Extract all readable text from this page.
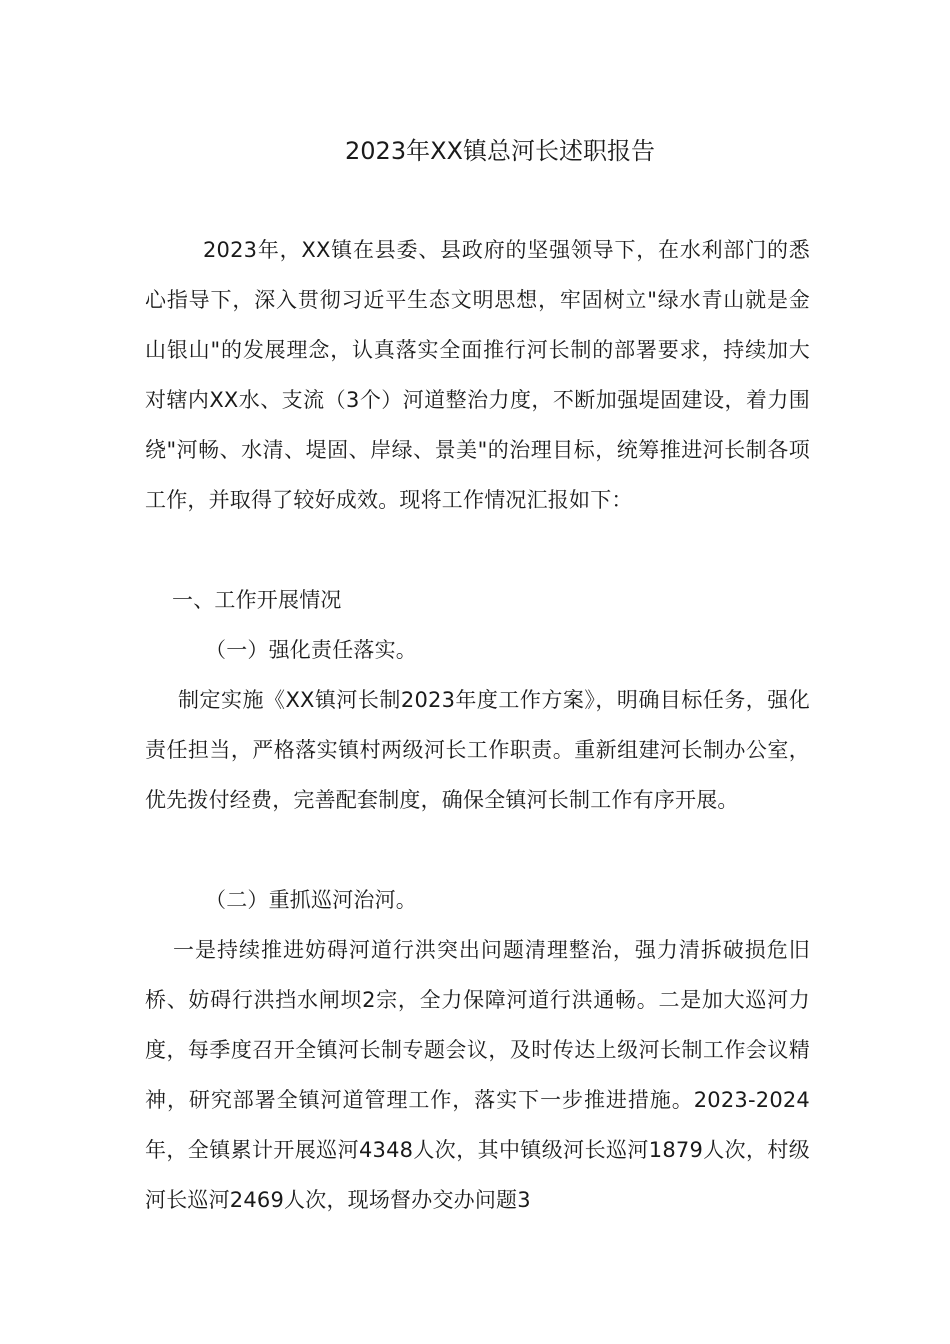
2023年XX镇总河长述职报告
2023年，XX镇在县委、县政府的坚强领导下，在水利部门的悉心指导下，深入贯彻习近平生态文明思想，牢固树立"绿水青山就是金山银山"的发展理念，认真落实全面推行河长制的部署要求，持续加大对辖内XX水、支流（3个）河道整治力度，不断加强堤固建设，着力围绕"河畅、水清、堤固、岸绿、景美"的治理目标，统筹推进河长制各项工作，并取得了较好成效。现将工作情况汇报如下：
一、工作开展情况
（一）强化责任落实。
制定实施《XX镇河长制2023年度工作方案》，明确目标任务，强化责任担当，严格落实镇村两级河长工作职责。重新组建河长制办公室，优先拨付经费，完善配套制度，确保全镇河长制工作有序开展。
（二）重抓巡河治河。
一是持续推进妨碍河道行洪突出问题清理整治，强力清拆破损危旧桥、妨碍行洪挡水闸坝2宗，全力保障河道行洪通畅。二是加大巡河力度，每季度召开全镇河长制专题会议，及时传达上级河长制工作会议精神，研究部署全镇河道管理工作，落实下一步推进措施。2023-2024年，全镇累计开展巡河4348人次，其中镇级河长巡河1879人次，村级河长巡河2469人次，现场督办交办问题3
